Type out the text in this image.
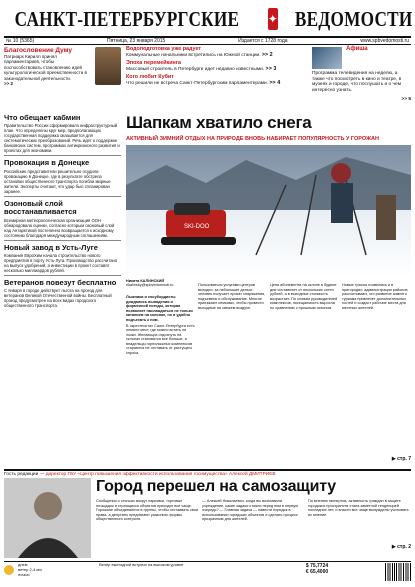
САНКТ-ПЕТЕРБУРГСКИЕ ✦ ВЕДОМОСТИ
№ 10 (5365)	Пятница, 23 января 2015	Издается с 1728 года	www.spbvedomosti.ru
Благословение Думу

Патриарх Кирилл принял парламентариев, чтобы поспособствовать становлению идей культурологической преемственности в законодательной деятельности.

>> 2
Водоподготовка уже радует
Коммунальные начальники встретились на Южной станции. >> 2
Эпоха перемейкинга
Массовый строитель в Петербурге идет недавно известными. >> 3
Кого любит Кубит
Что решили не встреча Санкт-Петербургским парламентерами. >> 4
Афиша

Программа телевидения на неделю, а также что посмотреть в кино и театре, в музеях и городе, что послушать и о чем интересно узнать.

>> 5
Что обещает кабмин

Правительство России сформировало инфраструктурный план. Что определены круг мер, предполагающих государственная поддержка оказывается для систематических преобразований. Речь идет о поддержке банковских систем, программах антикризисного развития и проектах для экономики.

Провокация в Донецке

Российские представители решительно осудили провокацию в Донецке, где в результате обстрела остановки общественного транспорта погибли мирные жители. Эксперты считают, что удар был спланирован заранее.

Озоновый слой восстанавливается

Всемирная метеорологическая организация ООН обнародовала оценки, согласно которым озоновый слой над Антарктикой постепенно возвращается к исходному состоянию благодаря международным соглашениям.

Новый завод в Усть-Луге

Компания ЕвроХим начала строительство нового предприятия в порту Усть-Луга. Производство рассчитано на выпуск удобрений, а инвестиции в проект составят несколько миллиардов рублей.

Ветеранов повезут бесплатно

С января в городе действует льгота на проезд для ветеранов Великой Отечественной войны. Бесплатный проезд предусмотрен на всех видах городского общественного транспорта.

Шапкам хватило снега
АКТИВНЫЙ ЗИМНИЙ ОТДЫХ НА ПРИРОДЕ ВНОВЬ НАБИРАЕТ ПОПУЛЯРНОСТЬ У ГОРОЖАН
SKI-DOO
Никита КАЛИНСКИЙ
nkalinsky@spbvedomosti.ru

Лыжники и сноубордисты дождались выпадения и фирменной погоды, которая позволяет наслаждаться не только катанием на склонах, но и удобно подъехать к ним.

В окрестностях Санкт-Петербурга есть немало мест, где можно встать на лыжи. Желающих отдохнуть на склонах становится все больше, а владельцы горнолыжных комплексов стараются не отставать от растущего спроса.

Пользоваться услугами центров выгодно: за небольшие деньги человек получает прокат снаряжения, подъемник и обслуживание. Многие приезжают семьями, чтобы провести выходные на свежем воздухе.

Цена абонемента на склоне в будние дни составляет от нескольких сотен рублей, а в выходные стоимость возрастает. По словам руководителей комплексов, посещаемость выросла по сравнению с прошлым сезоном.

Новые трассы появились и в пригородах: администрации районов рассчитывают, что развитие зимнего туризма привлечет дополнительных гостей и создаст рабочие места для местных жителей.

▶ стр. 7
Гость редакции — директор ГБУ «Центр повышения эффективности использования госимущества» Алексей ДМИТРИЕВ
Город перешел на самозащиту

Сообщения о стычках вокруг парковки, торговых площадок и строящихся объектов приходят все чаще. Горожане объединяются в группы, чтобы отстаивать свои права, а депутаты предлагают узаконить формы общественного контроля.

— Алексей Николаевич, когда вы возглавили учреждение, какие задачи стояли перед ним в первую очередь? — Главная задача — навести порядок в использовании городских объектов и сделать процесс прозрачным для жителей.

По мнению экспертов, активность граждан в защите городских пространств стала заметной тенденцией последних лет, и власти все чаще вынуждены учитывать их мнение.

днем
ветер 2-4 м/с
ночью
Вечер ежегодной встречи на высоком уровне	$ 75,7724
€ 65,4000
▶ стр. 2
